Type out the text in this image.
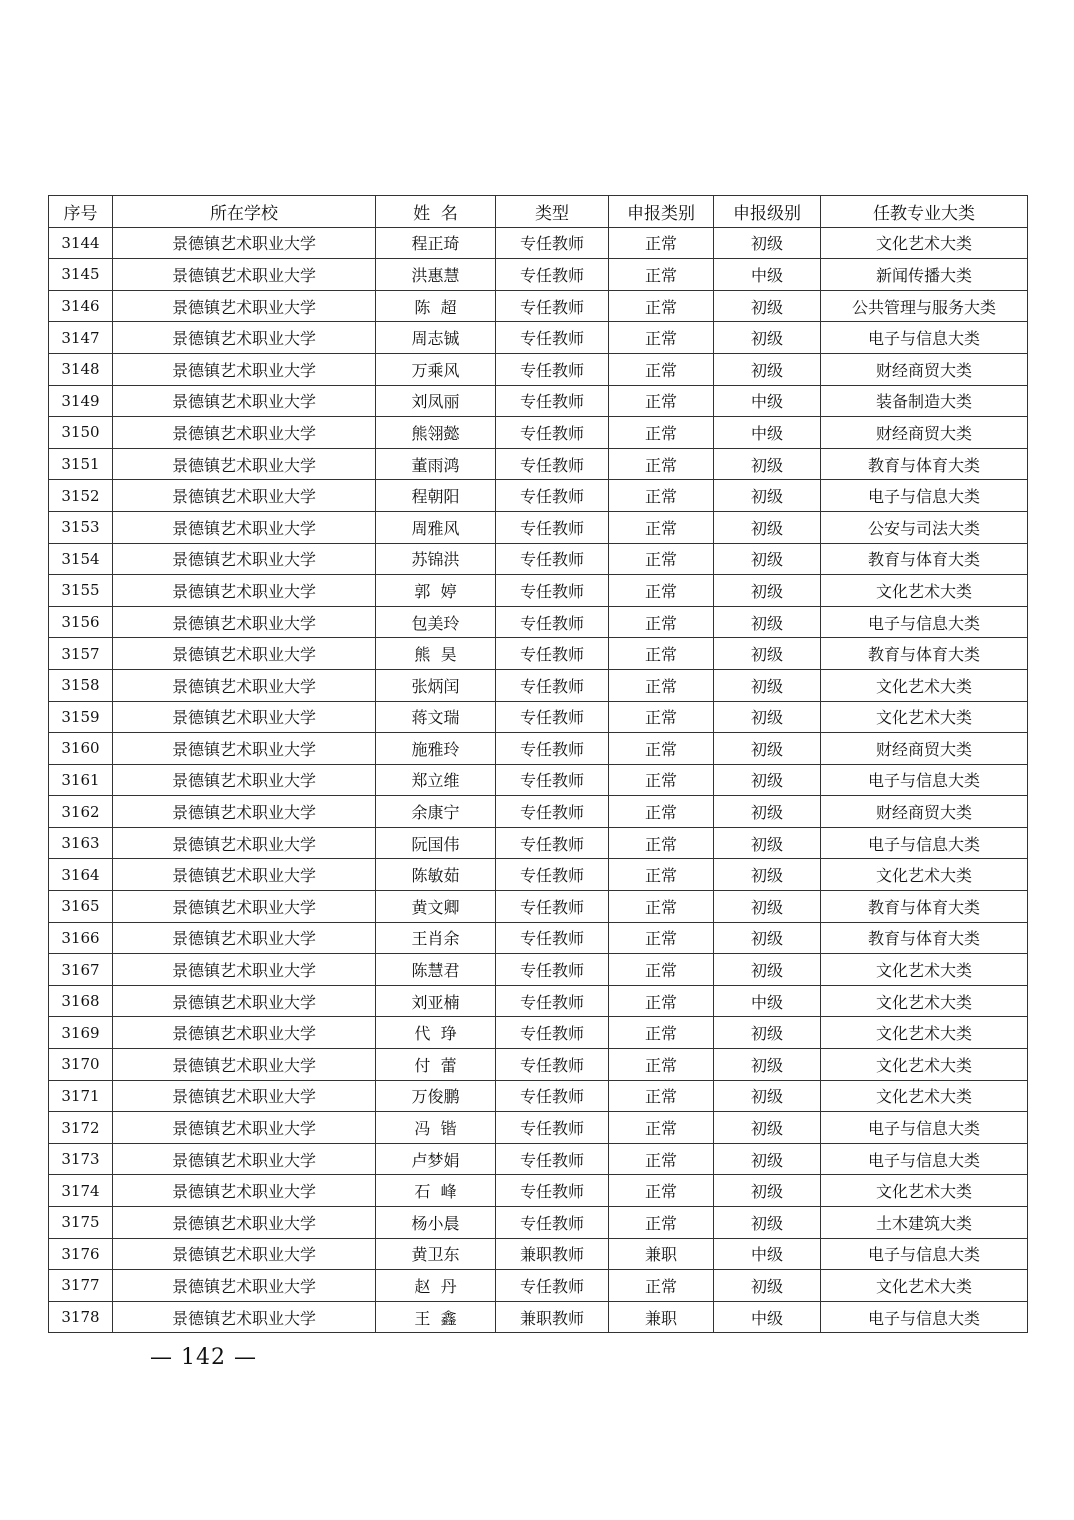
序号	所在学校	姓  名	类型	申报类别	申报级别	任教专业大类
3144	景德镇艺术职业大学	程正琦	专任教师	正常	初级	文化艺术大类
3145	景德镇艺术职业大学	洪惠慧	专任教师	正常	中级	新闻传播大类
3146	景德镇艺术职业大学	陈  超	专任教师	正常	初级	公共管理与服务大类
3147	景德镇艺术职业大学	周志铖	专任教师	正常	初级	电子与信息大类
3148	景德镇艺术职业大学	万乘风	专任教师	正常	初级	财经商贸大类
3149	景德镇艺术职业大学	刘凤丽	专任教师	正常	中级	装备制造大类
3150	景德镇艺术职业大学	熊翎懿	专任教师	正常	中级	财经商贸大类
3151	景德镇艺术职业大学	董雨鸿	专任教师	正常	初级	教育与体育大类
3152	景德镇艺术职业大学	程朝阳	专任教师	正常	初级	电子与信息大类
3153	景德镇艺术职业大学	周雅风	专任教师	正常	初级	公安与司法大类
3154	景德镇艺术职业大学	苏锦洪	专任教师	正常	初级	教育与体育大类
3155	景德镇艺术职业大学	郭  婷	专任教师	正常	初级	文化艺术大类
3156	景德镇艺术职业大学	包美玲	专任教师	正常	初级	电子与信息大类
3157	景德镇艺术职业大学	熊  昊	专任教师	正常	初级	教育与体育大类
3158	景德镇艺术职业大学	张炳闰	专任教师	正常	初级	文化艺术大类
3159	景德镇艺术职业大学	蒋文瑞	专任教师	正常	初级	文化艺术大类
3160	景德镇艺术职业大学	施雅玲	专任教师	正常	初级	财经商贸大类
3161	景德镇艺术职业大学	郑立维	专任教师	正常	初级	电子与信息大类
3162	景德镇艺术职业大学	余康宁	专任教师	正常	初级	财经商贸大类
3163	景德镇艺术职业大学	阮国伟	专任教师	正常	初级	电子与信息大类
3164	景德镇艺术职业大学	陈敏茹	专任教师	正常	初级	文化艺术大类
3165	景德镇艺术职业大学	黄文卿	专任教师	正常	初级	教育与体育大类
3166	景德镇艺术职业大学	王肖余	专任教师	正常	初级	教育与体育大类
3167	景德镇艺术职业大学	陈慧君	专任教师	正常	初级	文化艺术大类
3168	景德镇艺术职业大学	刘亚楠	专任教师	正常	中级	文化艺术大类
3169	景德镇艺术职业大学	代  琤	专任教师	正常	初级	文化艺术大类
3170	景德镇艺术职业大学	付  蕾	专任教师	正常	初级	文化艺术大类
3171	景德镇艺术职业大学	万俊鹏	专任教师	正常	初级	文化艺术大类
3172	景德镇艺术职业大学	冯  锴	专任教师	正常	初级	电子与信息大类
3173	景德镇艺术职业大学	卢梦娟	专任教师	正常	初级	电子与信息大类
3174	景德镇艺术职业大学	石  峰	专任教师	正常	初级	文化艺术大类
3175	景德镇艺术职业大学	杨小晨	专任教师	正常	初级	土木建筑大类
3176	景德镇艺术职业大学	黄卫东	兼职教师	兼职	中级	电子与信息大类
3177	景德镇艺术职业大学	赵  丹	专任教师	正常	初级	文化艺术大类
3178	景德镇艺术职业大学	王  鑫	兼职教师	兼职	中级	电子与信息大类
— 142 —
